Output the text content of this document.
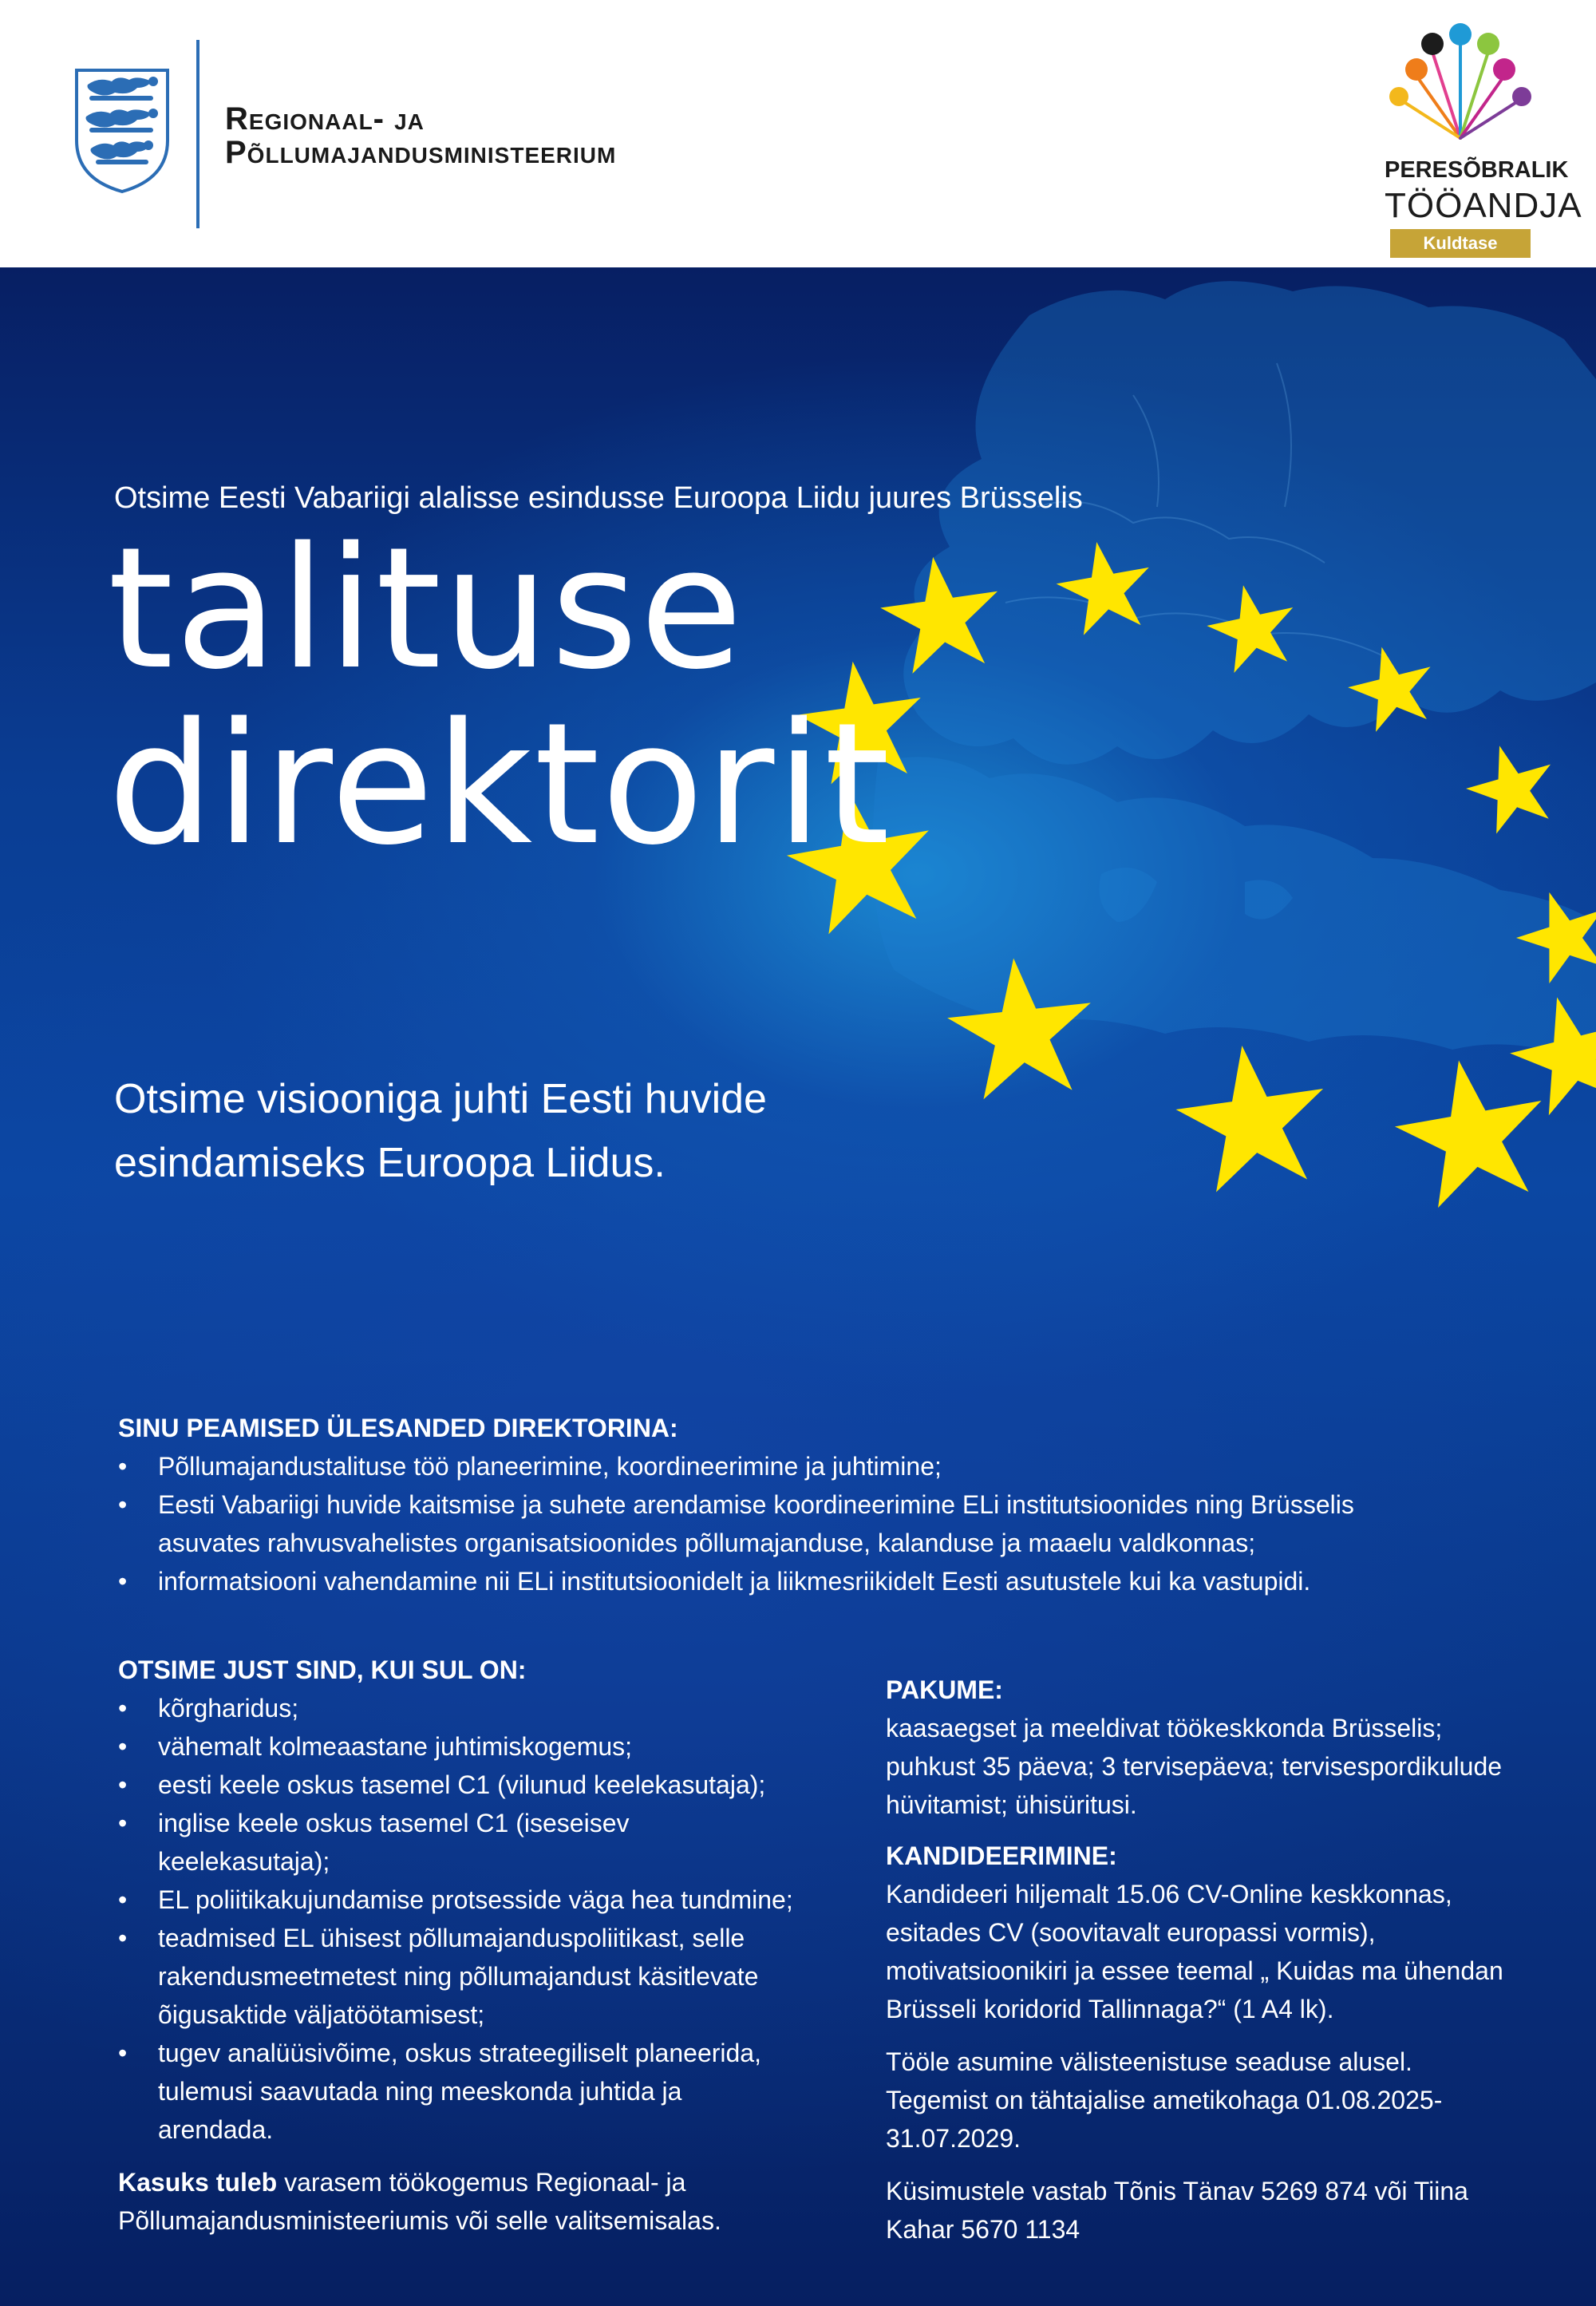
Regionaal- ja
Põllumajandusministeerium	PERESÕBRALIK
TÖÖANDJA
Kuldtase
Otsime Eesti Vabariigi alalisse esindusse Euroopa Liidu juures Brüsselis
talituse
direktorit
Otsime visiooniga juhti Eesti huvide
esindamiseks Euroopa Liidus.
SINU PEAMISED ÜLESANDED DIREKTORINA:
• Põllumajandustalituse töö planeerimine, koordineerimine ja juhtimine;
• Eesti Vabariigi huvide kaitsmise ja suhete arendamise koordineerimine ELi institutsioonides ning Brüsselis
asuvates rahvusvahelistes organisatsioonides põllumajanduse, kalanduse ja maaelu valdkonnas;
• informatsiooni vahendamine nii ELi institutsioonidelt ja liikmesriikidelt Eesti asutustele kui ka vastupidi.
OTSIME JUST SIND, KUI SUL ON:
• kõrgharidus;
• vähemalt kolmeaastane juhtimiskogemus;
• eesti keele oskus tasemel C1 (vilunud keelekasutaja);
• inglise keele oskus tasemel C1 (iseseisev
keelekasutaja);
• EL poliitikakujundamise protsesside väga hea tundmine;
• teadmised EL ühisest põllumajanduspoliitikast, selle
rakendusmeetmetest ning põllumajandust käsitlevate
õigusaktide väljatöötamisest;
• tugev analüüsivõime, oskus strateegiliselt planeerida,
tulemusi saavutada ning meeskonda juhtida ja
arendada.
Kasuks tuleb varasem töökogemus Regionaal- ja
Põllumajandusministeeriumis või selle valitsemisalas.
PAKUME:
kaasaegset ja meeldivat töökeskkonda Brüsselis;
puhkust 35 päeva; 3 tervisepäeva; tervisespordikulude
hüvitamist; ühisüritusi.
KANDIDEERIMINE:
Kandideeri hiljemalt 15.06 CV-Online keskkonnas,
esitades CV (soovitavalt europassi vormis),
motivatsioonikiri ja essee teemal „ Kuidas ma ühendan
Brüsseli koridorid Tallinnaga?“ (1 A4 lk).
Tööle asumine välisteenistuse seaduse alusel.
Tegemist on tähtajalise ametikohaga 01.08.2025-
31.07.2029.
Küsimustele vastab Tõnis Tänav 5269 874 või Tiina
Kahar 5670 1134
